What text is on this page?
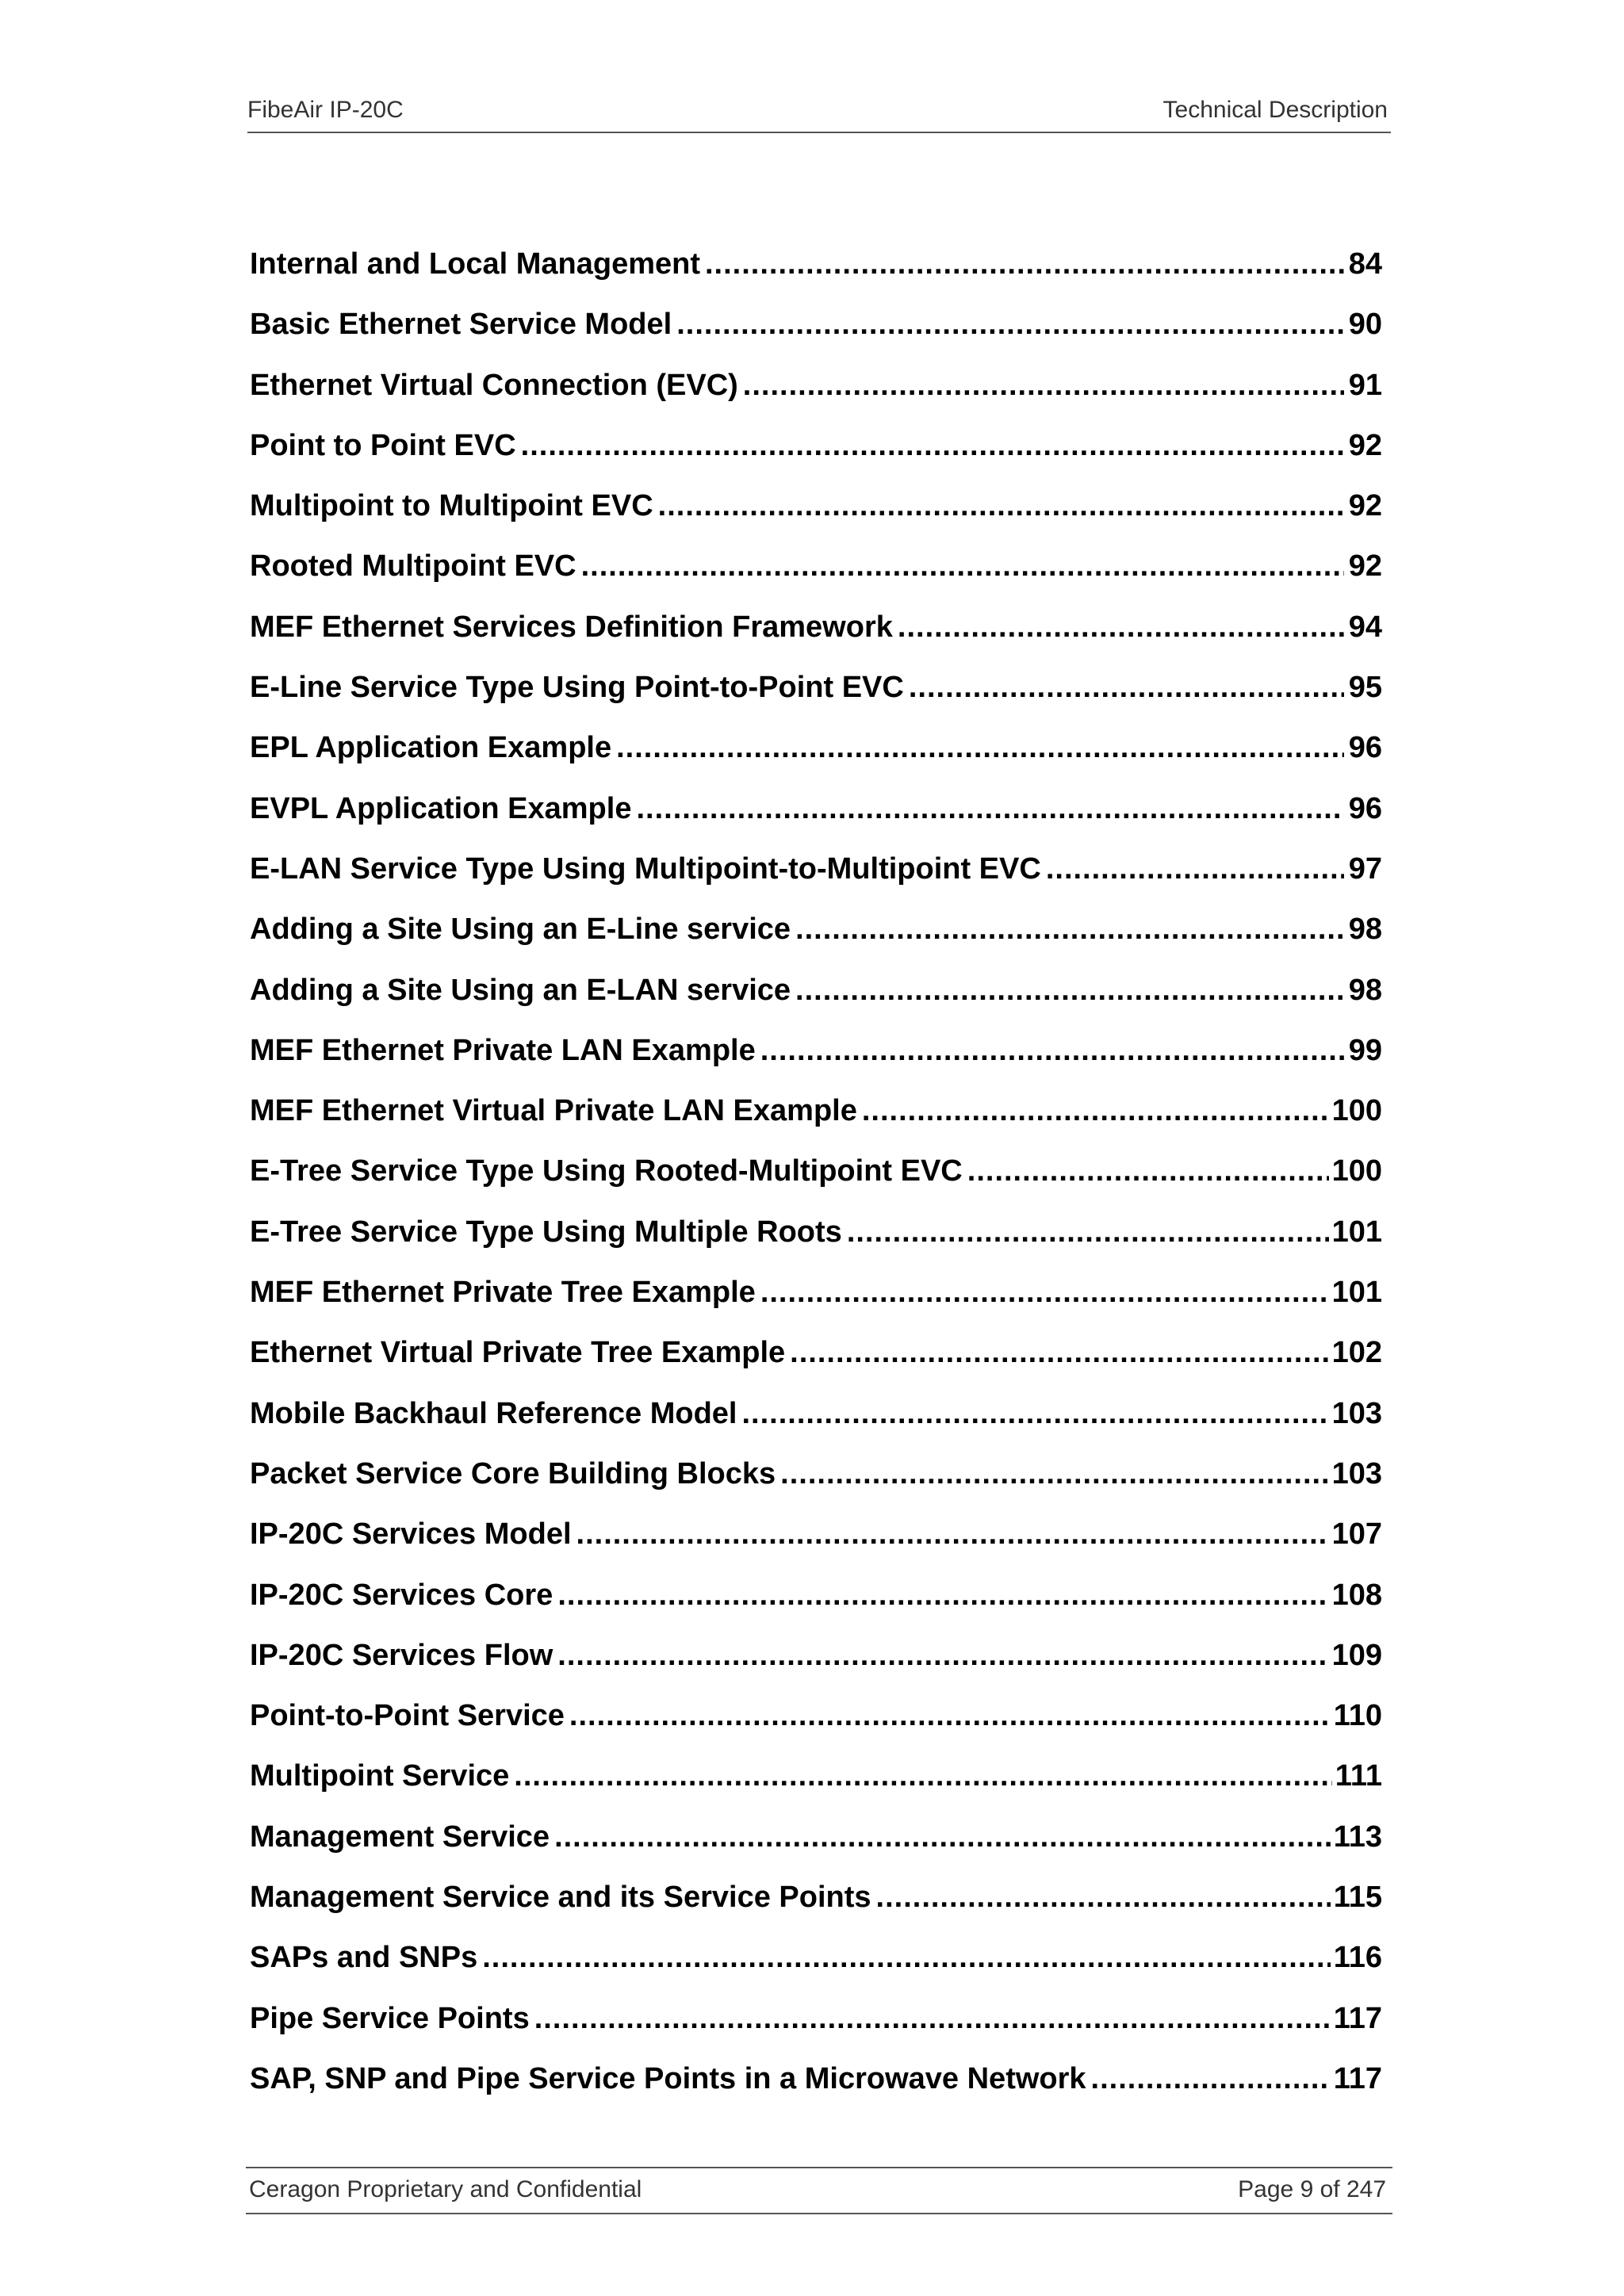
FibeAir IP-20C	Technical Description
Internal and Local Management .....	84
Basic Ethernet Service Model .....	90
Ethernet Virtual Connection (EVC) .....	91
Point to Point EVC .....	92
Multipoint to Multipoint EVC .....	92
Rooted Multipoint EVC .....	92
MEF Ethernet Services Definition Framework .....	94
E-Line Service Type Using Point-to-Point EVC .....	95
EPL Application Example .....	96
EVPL Application Example .....	96
E-LAN Service Type Using Multipoint-to-Multipoint EVC .....	97
Adding a Site Using an E-Line service .....	98
Adding a Site Using an E-LAN service .....	98
MEF Ethernet Private LAN Example .....	99
MEF Ethernet Virtual Private LAN Example .....	100
E-Tree Service Type Using Rooted-Multipoint EVC .....	100
E-Tree Service Type Using Multiple Roots .....	101
MEF Ethernet Private Tree Example .....	101
Ethernet Virtual Private Tree Example .....	102
Mobile Backhaul Reference Model .....	103
Packet Service Core Building Blocks .....	103
IP-20C Services Model .....	107
IP-20C Services Core .....	108
IP-20C Services Flow .....	109
Point-to-Point Service .....	110
Multipoint Service .....	111
Management Service .....	113
Management Service and its Service Points .....	115
SAPs and SNPs .....	116
Pipe Service Points .....	117
SAP, SNP and Pipe Service Points in a Microwave Network .....	117
Ceragon Proprietary and Confidential	Page 9 of 247
